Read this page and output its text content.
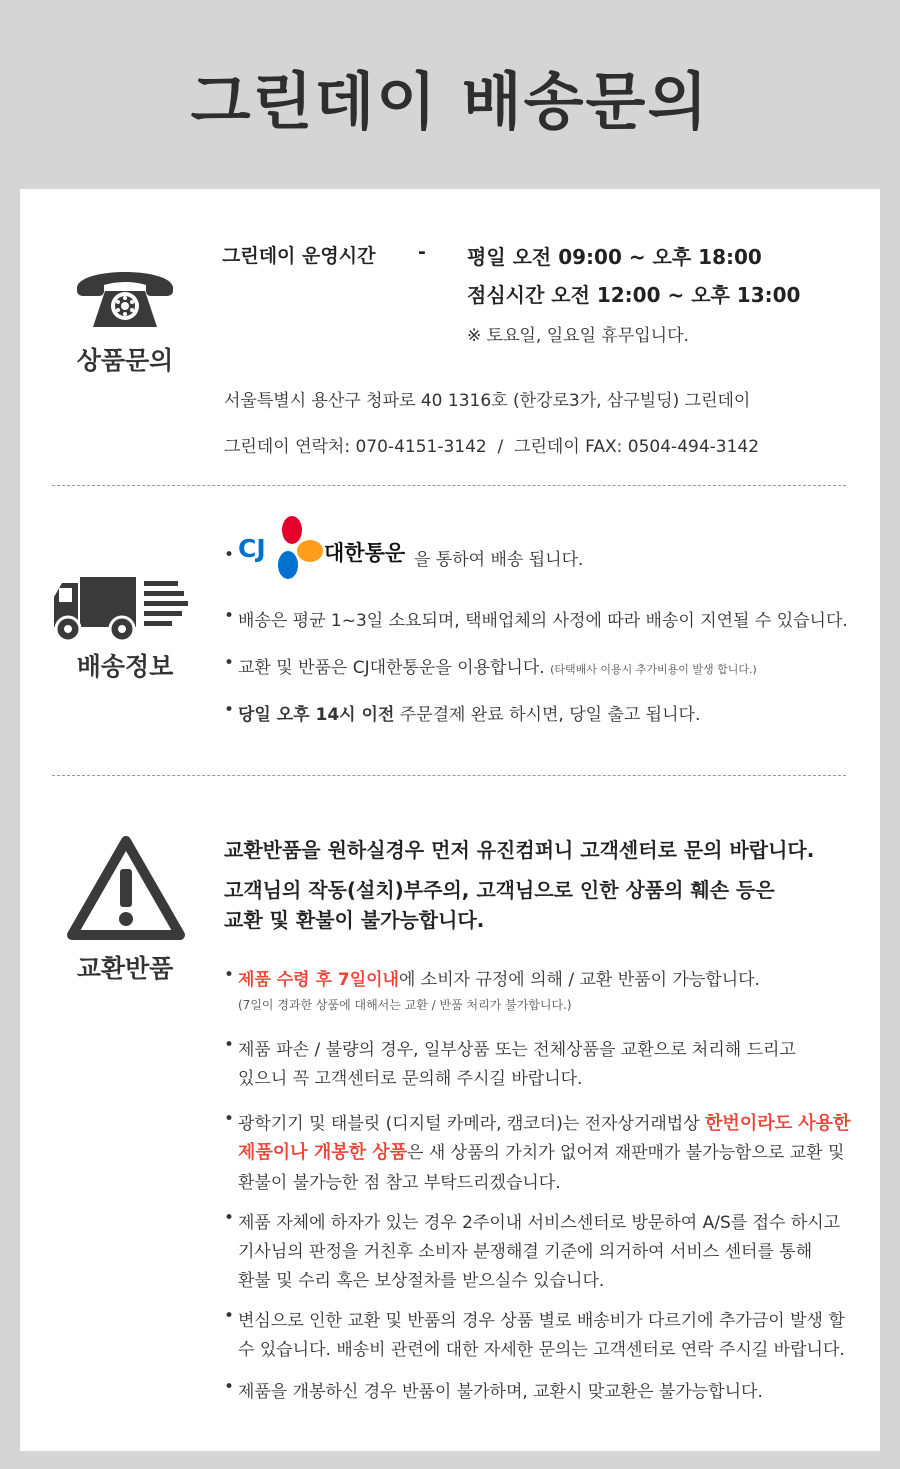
그린데이 배송문의
상품문의
그린데이 운영시간 - 평일 오전 09:00 ~ 오후 18:00
점심시간 오전 12:00 ~ 오후 13:00
※ 토요일, 일요일 휴무입니다.
서울특별시 용산구 청파로 40 1316호 (한강로3가, 삼구빌딩) 그린데이
그린데이 연락처: 070-4151-3142  /  그린데이 FAX: 0504-494-3142
배송정보
CJ	대한통운 을 통하여 배송 됩니다.
• 배송은 평균 1~3일 소요되며, 택배업체의 사정에 따라 배송이 지연될 수 있습니다.
• 교환 및 반품은 CJ대한통운을 이용합니다. (타택배사 이용시 추가비용이 발생 합니다.)
• 당일 오후 14시 이전 주문결제 완료 하시면, 당일 출고 됩니다.
교환반품
교환반품을 원하실경우 먼저 유진컴퍼니 고객센터로 문의 바랍니다.
고객님의 작동(설치)부주의, 고객님으로 인한 상품의 훼손 등은
교환 및 환불이 불가능합니다.
• 제품 수령 후 7일이내에 소비자 규정에 의해 / 교환 반품이 가능합니다.
(7일이 경과한 상품에 대해서는 교환 / 반품 처리가 불가합니다.)
• 제품 파손 / 불량의 경우, 일부상품 또는 전체상품을 교환으로 처리해 드리고
있으니 꼭 고객센터로 문의해 주시길 바랍니다.
• 광학기기 및 태블릿 (디지털 카메라, 캠코더)는 전자상거래법상 한번이라도 사용한
제품이나 개봉한 상품은 새 상품의 가치가 없어져 재판매가 불가능함으로 교환 및
환불이 불가능한 점 참고 부탁드리겠습니다.
• 제품 자체에 하자가 있는 경우 2주이내 서비스센터로 방문하여 A/S를 접수 하시고
기사님의 판정을 거친후 소비자 분쟁해결 기준에 의거하여 서비스 센터를 통해
환불 및 수리 혹은 보상절차를 받으실수 있습니다.
• 변심으로 인한 교환 및 반품의 경우 상품 별로 배송비가 다르기에 추가금이 발생 할
수 있습니다. 배송비 관련에 대한 자세한 문의는 고객센터로 연락 주시길 바랍니다.
• 제품을 개봉하신 경우 반품이 불가하며, 교환시 맞교환은 불가능합니다.
